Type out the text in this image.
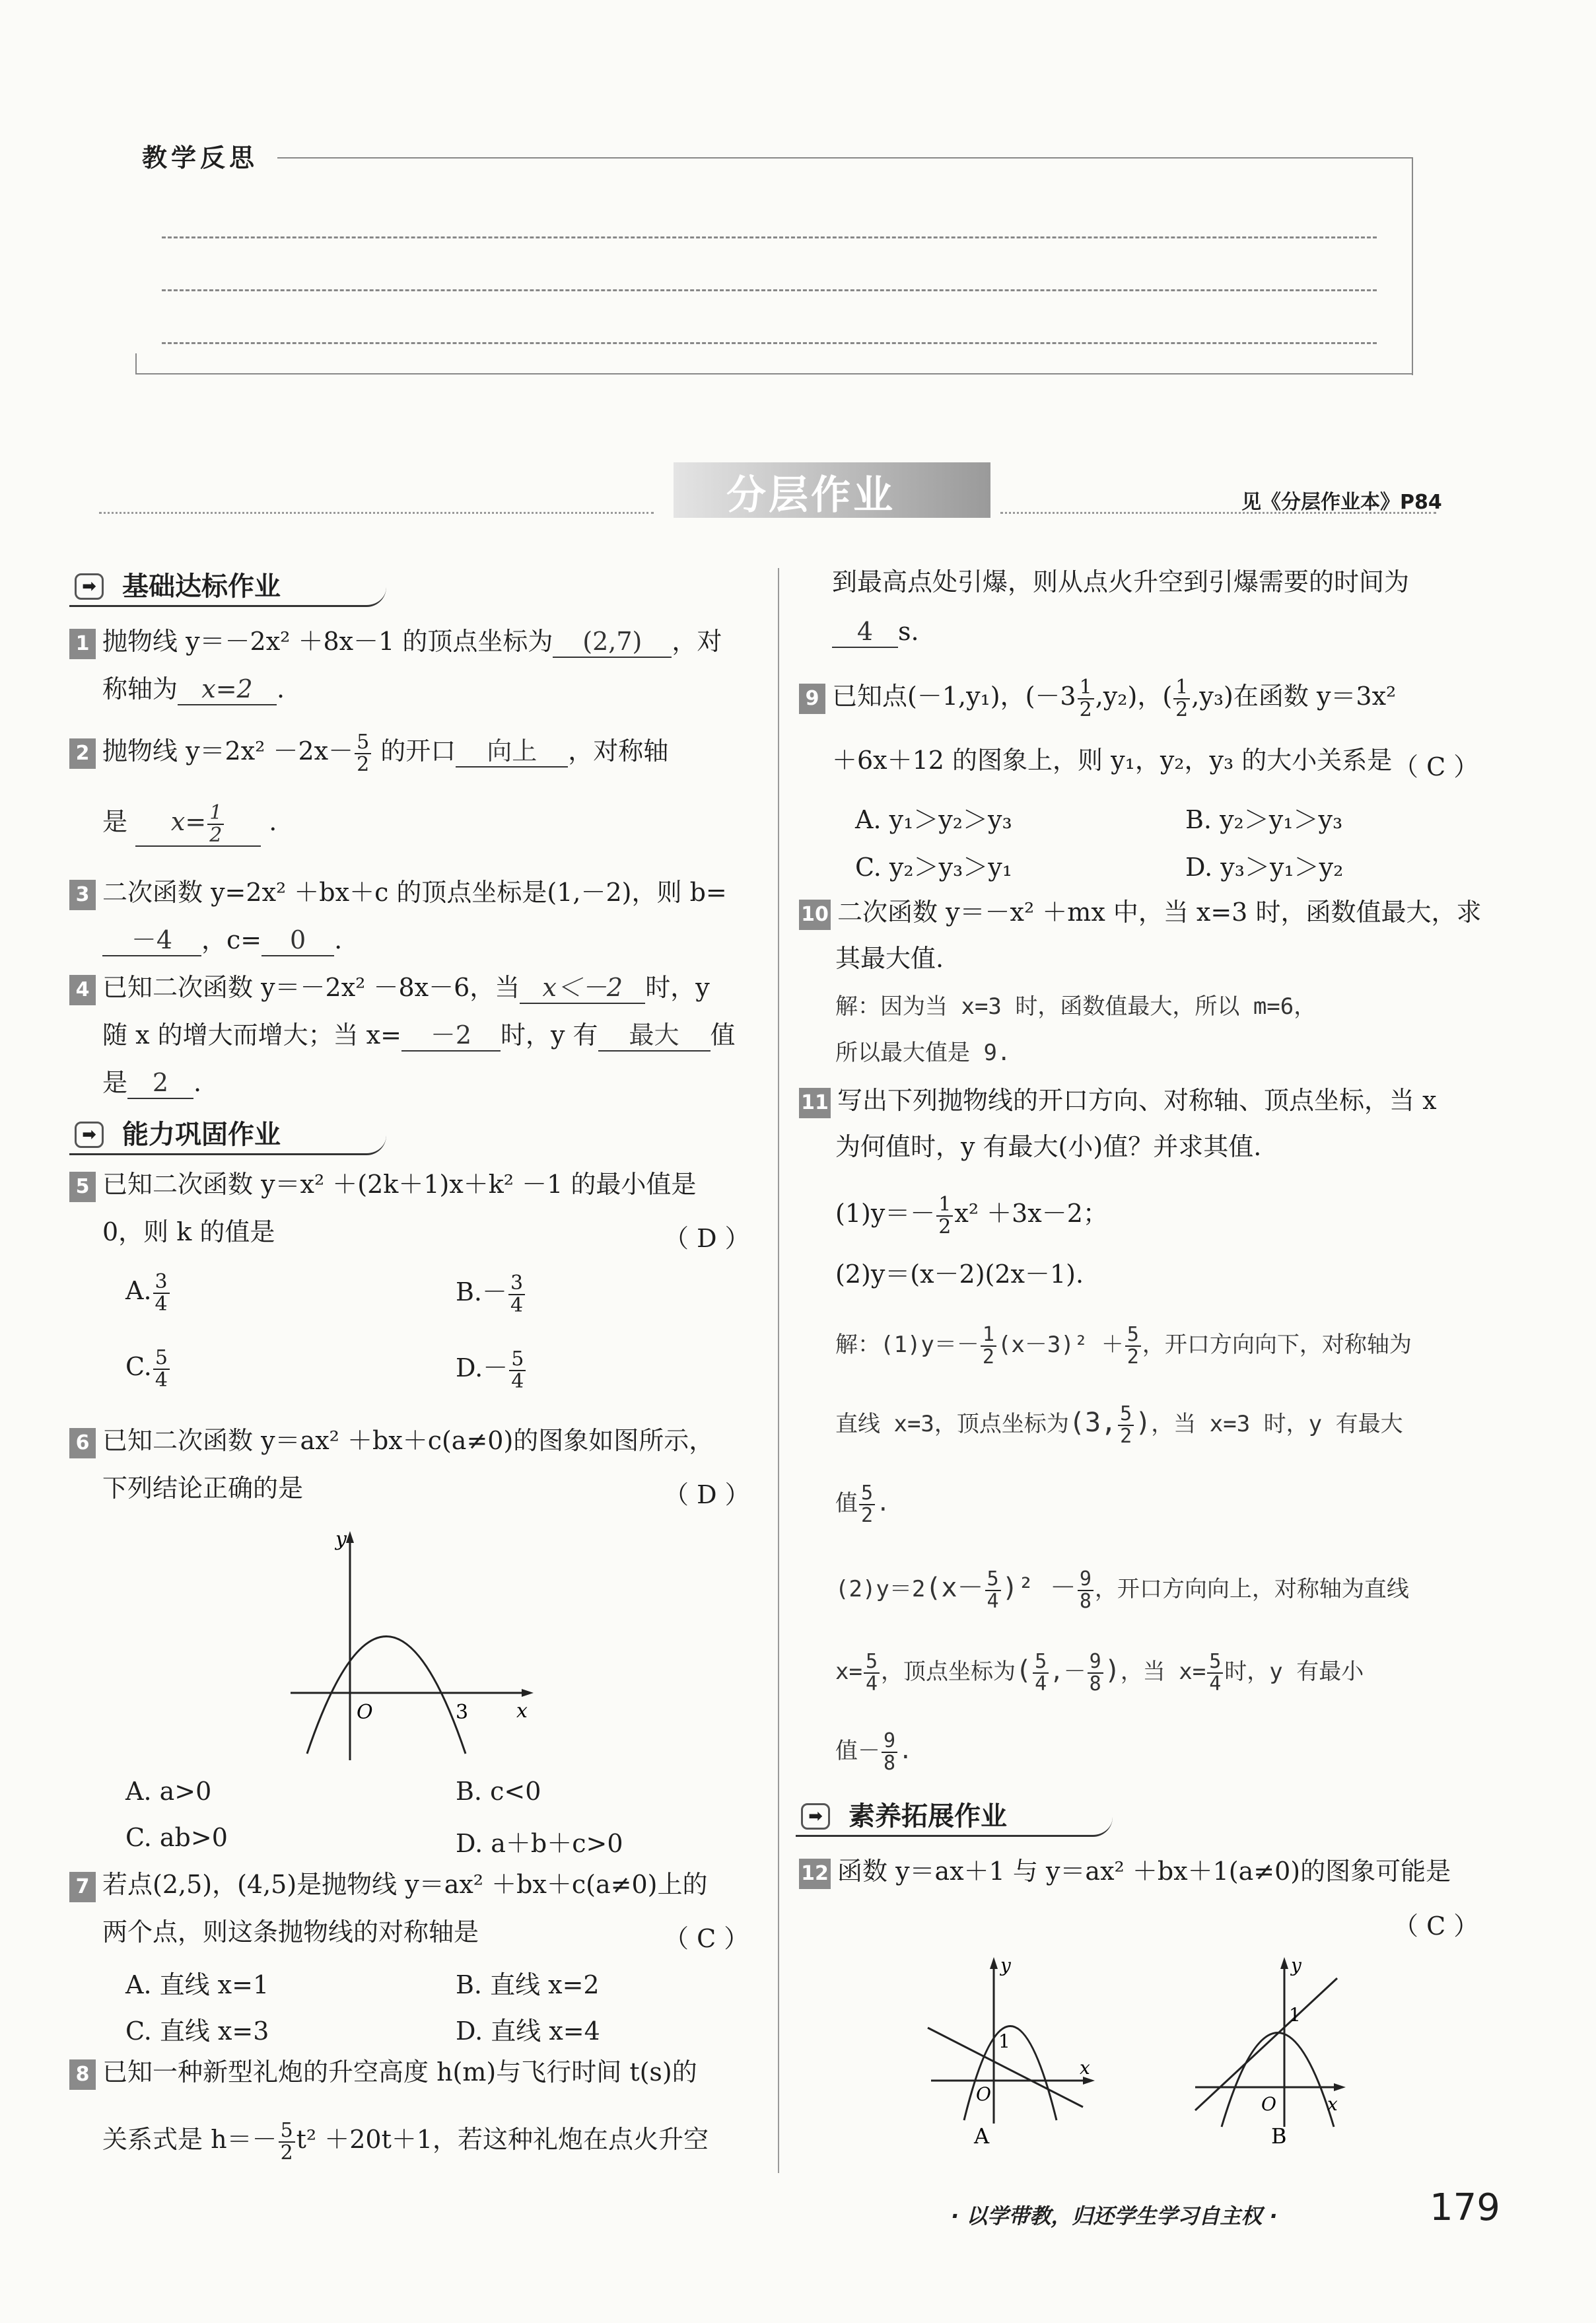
教学反思
分层作业	见《分层作业本》P84
➡ 基础达标作业
1 抛物线 y＝－2x² ＋8x－1 的顶点坐标为 (2,7) ，对
称轴为 x=2 .
2 抛物线 $y=2x^2 -2x- \frac{5}{2}$ 的开口 向上 ，对称轴
是 $x= \frac{1}{2}$ .
3 二次函数 y=2x² ＋bx＋c 的顶点坐标是(1,－2)，则 b=
－4 ，c= 0 .
4 已知二次函数 y＝－2x² －8x－6，当 x＜－2 时，y
随 x 的增大而增大；当 x= －2 时，y 有 最大 值
是 2 .
➡ 能力巩固作业
5 已知二次函数 y＝x² ＋(2k＋1)x＋k² －1 的最小值是
0，则 k 的值是	（ D ）
A. $\frac{3}{4}$	$B.- \frac{3}{4}$
C. $\frac{5}{4}$	$D.- \frac{5}{4}$
6 已知二次函数 y＝ax² ＋bx＋c(a≠0)的图象如图所示，
下列结论正确的是	（ D ）
y
x
O	3
A. a>0	B. c<0
C. ab>0	D. a＋b＋c>0
7 若点(2,5)，(4,5)是抛物线 y＝ax² ＋bx＋c(a≠0)上的
两个点，则这条抛物线的对称轴是	（ C ）
A. 直线 x=1	B. 直线 x=2
C. 直线 x=3	D. 直线 x=4
8 已知一种新型礼炮的升空高度 h(m)与飞行时间 t(s)的
关系式是 $h=- \frac{5}{2} t^2 +20t+1$，若这种礼炮在点火升空
到最高点处引爆，则从点火升空到引爆需要的时间为
4 s.
9 已知点(－1,y₁)，$(-3 \frac{1}{2} ,y_2)$，( $\frac{1}{2} ,y_3$)在函数 y＝3x²
＋6x＋12 的图象上，则 y₁，y₂，y₃ 的大小关系是 （ C ）
A. y₁＞y₂＞y₃	B. y₂＞y₁＞y₃
C. y₂＞y₃＞y₁	D. y₃＞y₁＞y₂
10 二次函数 y＝－x² ＋mx 中，当 x=3 时，函数值最大，求
其最大值.
解：因为当 x=3 时，函数值最大，所以 m=6，
所以最大值是 9.
11 写出下列抛物线的开口方向、对称轴、顶点坐标，当 x
为何值时，y 有最大(小)值？并求其值.
$(1)y=- \frac{1}{2} x^2 +3x-2$；
(2)y＝(x－2)(2x－1).
解：$(1)y=- \frac{1}{2} (x-3)^2 + \frac{5}{2}$ ，开口方向向下，对称轴为
直线 x=3，顶点坐标为(3, $\frac{5}{2}$ )，当 x=3 时，y 有最大
值 $\frac{5}{2}$ .
$(2)y=2(x- \frac{5}{4} )^2 - \frac{9}{8}$ ，开口方向向上，对称轴为直线
$x= \frac{5}{4}$ ，顶点坐标为( $\frac{5}{4}$ ,－ $\frac{9}{8}$ )，当 $x= \frac{5}{4}$ 时，y 有最小
值－ $\frac{9}{8}$ .
➡ 素养拓展作业
12 函数 y＝ax＋1 与 y＝ax² ＋bx＋1(a≠0)的图象可能是
（ C ）
y
x
O
1
A
y
x
O
1
B
· 以学带教，归还学生学习自主权 ·	179
